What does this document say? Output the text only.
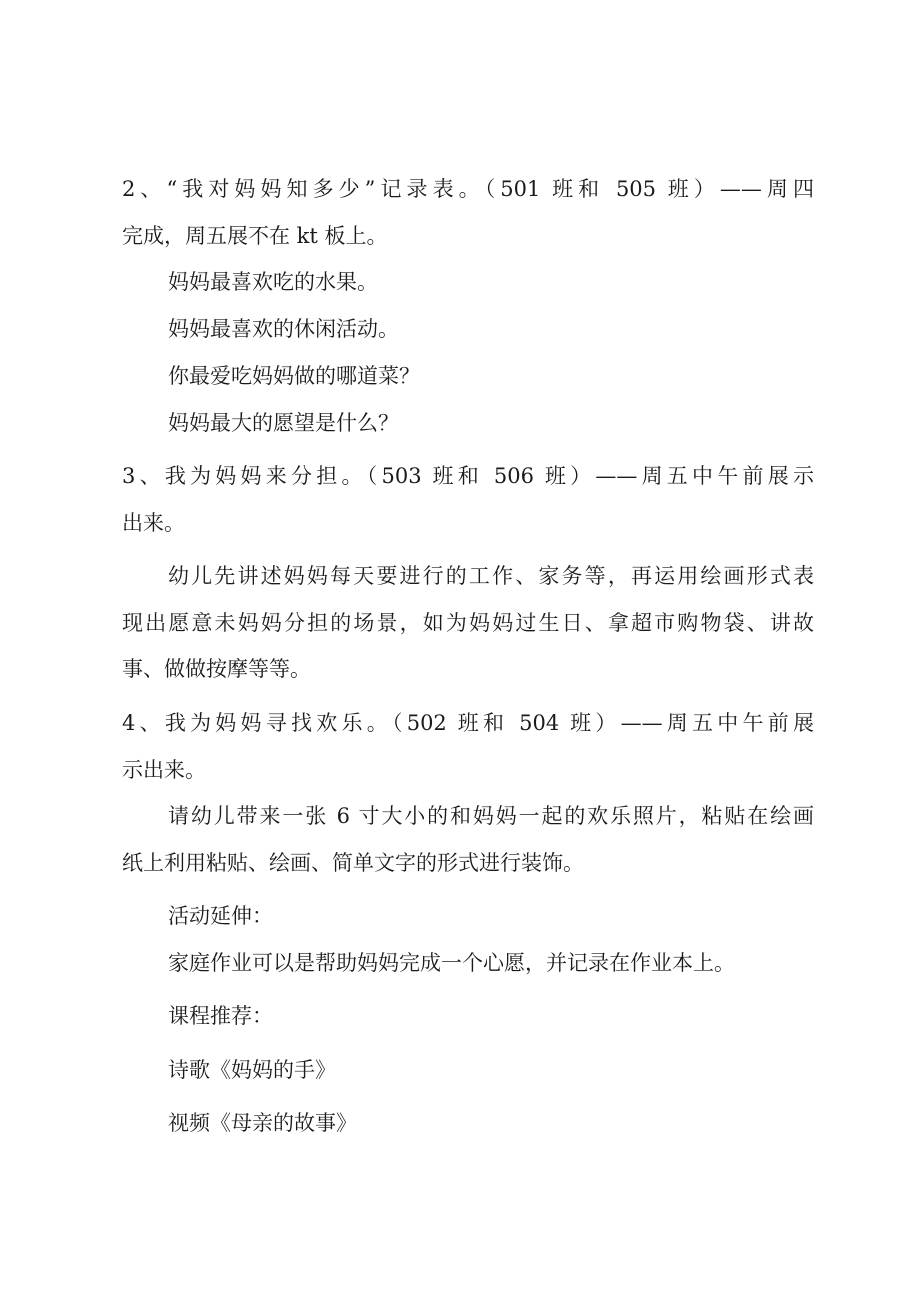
2、“我对妈妈知多少”记录表。（501 班和 505 班）——周四

完成，周五展不在 kt 板上。

妈妈最喜欢吃的水果。

妈妈最喜欢的休闲活动。

你最爱吃妈妈做的哪道菜？

妈妈最大的愿望是什么？

3、我为妈妈来分担。（503 班和 506 班）——周五中午前展示

出来。

幼儿先讲述妈妈每天要进行的工作、家务等，再运用绘画形式表

现出愿意未妈妈分担的场景，如为妈妈过生日、拿超市购物袋、讲故

事、做做按摩等等。

4、我为妈妈寻找欢乐。（502 班和 504 班）——周五中午前展

示出来。

请幼儿带来一张 6 寸大小的和妈妈一起的欢乐照片，粘贴在绘画

纸上利用粘贴、绘画、简单文字的形式进行装饰。

活动延伸：

家庭作业可以是帮助妈妈完成一个心愿，并记录在作业本上。

课程推荐：

诗歌《妈妈的手》

视频《母亲的故事》
